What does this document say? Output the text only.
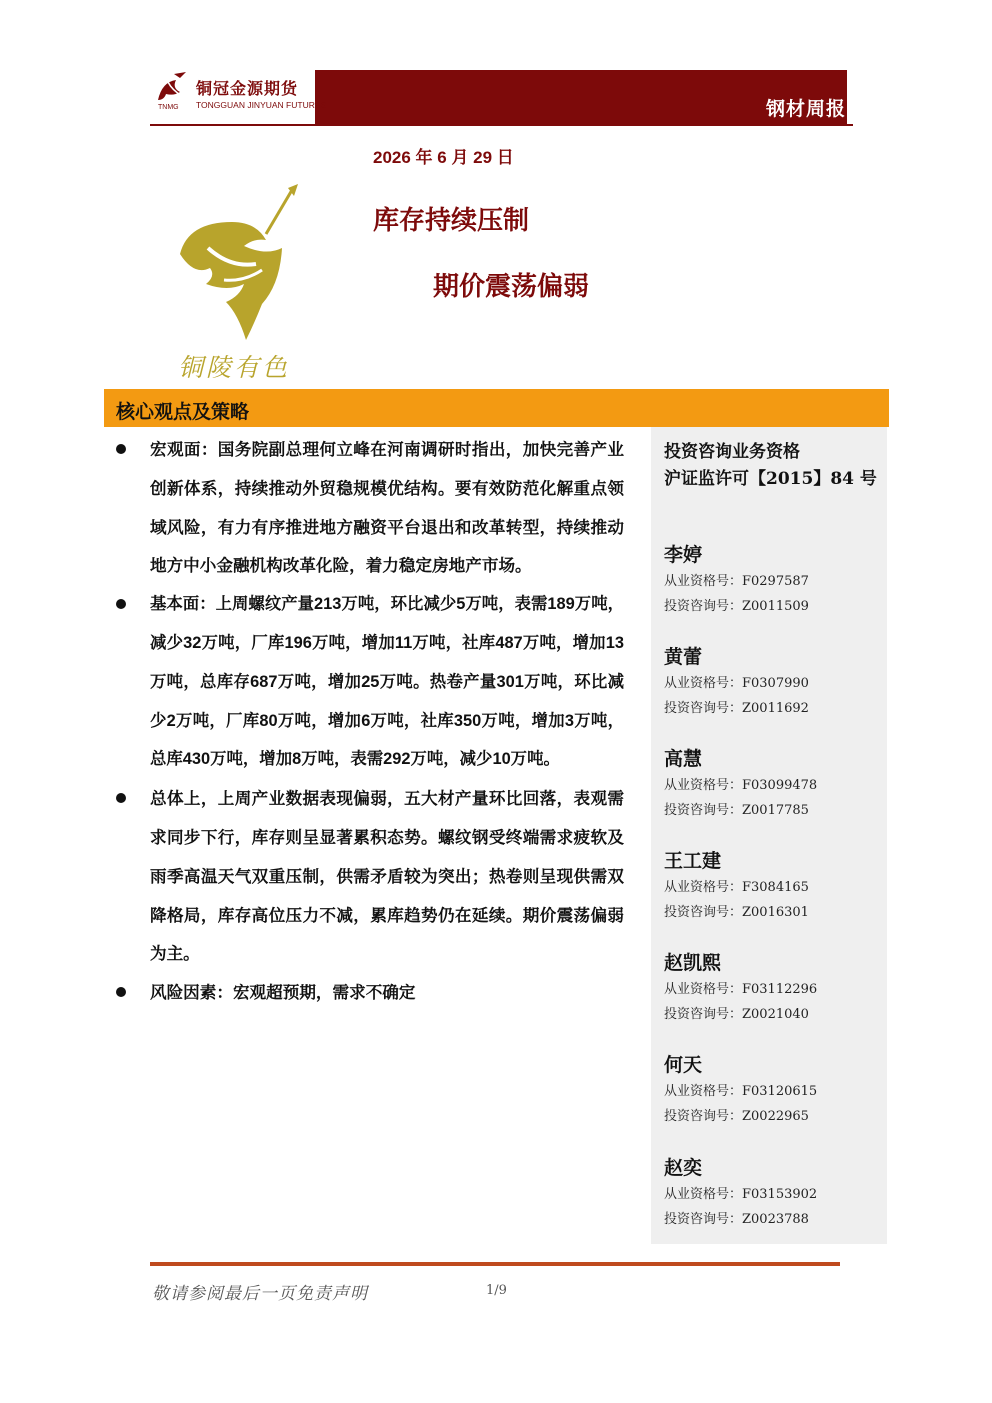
钢材周报
TNMG
铜冠金源期货
TONGGUAN JINYUAN FUTURES
2026 年 6 月 29 日
库存持续压制
期价震荡偏弱
铜陵有色
核心观点及策略
宏观面：国务院副总理何立峰在河南调研时指出，加快完善产业创新体系，持续推动外贸稳规模优结构。要有效防范化解重点领域风险，有力有序推进地方融资平台退出和改革转型，持续推动地方中小金融机构改革化险，着力稳定房地产市场。
基本面：上周螺纹产量213万吨，环比减少5万吨，表需189万吨，减少32万吨，厂库196万吨，增加11万吨，社库487万吨，增加13万吨，总库存687万吨，增加25万吨。热卷产量301万吨，环比减少2万吨，厂库80万吨，增加6万吨，社库350万吨，增加3万吨，总库430万吨，增加8万吨，表需292万吨，减少10万吨。
总体上，上周产业数据表现偏弱，五大材产量环比回落，表观需求同步下行，库存则呈显著累积态势。螺纹钢受终端需求疲软及雨季高温天气双重压制，供需矛盾较为突出；热卷则呈现供需双降格局，库存高位压力不减，累库趋势仍在延续。期价震荡偏弱为主。
风险因素：宏观超预期，需求不确定
投资咨询业务资格
沪证监许可【2015】84 号
李婷
从业资格号：F0297587
投资咨询号：Z0011509
黄蕾
从业资格号：F0307990
投资咨询号：Z0011692
高慧
从业资格号：F03099478
投资咨询号：Z0017785
王工建
从业资格号：F3084165
投资咨询号：Z0016301
赵凯熙
从业资格号：F03112296
投资咨询号：Z0021040
何天
从业资格号：F03120615
投资咨询号：Z0022965
赵奕
从业资格号：F03153902
投资咨询号：Z0023788
敬请参阅最后一页免责声明	1/9
